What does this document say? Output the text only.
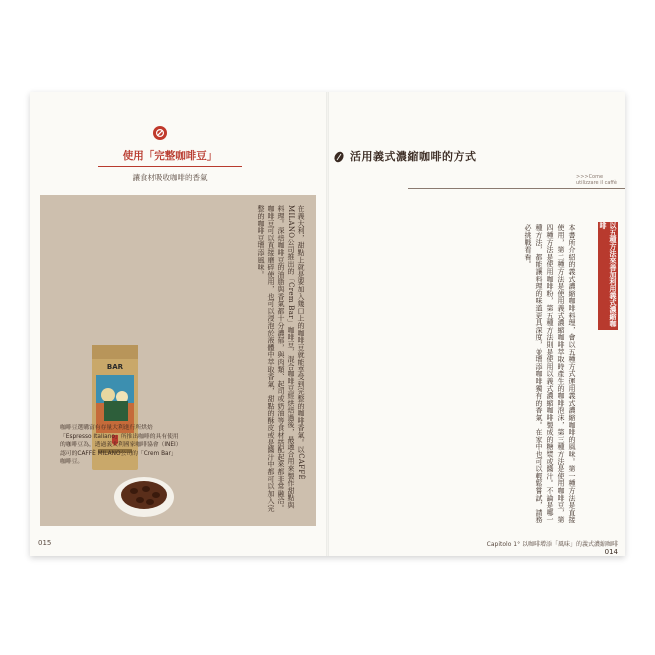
使用「完整咖啡豆」
讓食材吸收咖啡的香氣
在義大利，甜點上就是要加入幾口上的咖啡豆就能享受到完整的咖啡香氣。以CAFFÈ MILANO公司推出的「Crem Bar」咖啡豆，混合咖啡豆經烘焙過後，最適合用來製作甜點與料理。深焙咖啡豆的油脂與香氣都十分濃郁，與肉類、起司或奶油等食材搭配起來都非常融洽。咖啡豆可以直接磨碎使用，也可以浸泡於液體中萃取香氣，甜點的酥皮或是醬汁中都可以加入完整的咖啡豆增添風味。
BAR
咖啡豆選購富有存量大利進行所烘焙「Espresso Italiano」所推出咖啡的具有使用的咖啡豆為，透過義大利國家咖啡協會（INEI）認可的CAFFÈ MILANO公司的「Crem Bar」咖啡豆。
015
活用義式濃縮咖啡的方式
>>>Come utilizzare il caffè
以五種方法來善加利用義式濃縮咖啡
本書所介紹的義式濃縮咖啡料理，會以五種方式運用義式濃縮咖啡的風味。第一種方法是直接使用，第二種方法是使用義式濃縮咖啡萃取時產生的咖啡泡沫，第三種方法是使用咖啡豆，第四種方法是使用咖啡粉，第五種方法則是使用以義式濃縮咖啡製成的糖漿或醬汁。不論是哪一種方法，都能讓料理的味道更具深度，並增添咖啡獨有的香氣。在家中也可以輕鬆嘗試，請務必挑戰看看。
Capitolo 1° 以咖啡增添「風味」的義式濃縮咖啡 014
